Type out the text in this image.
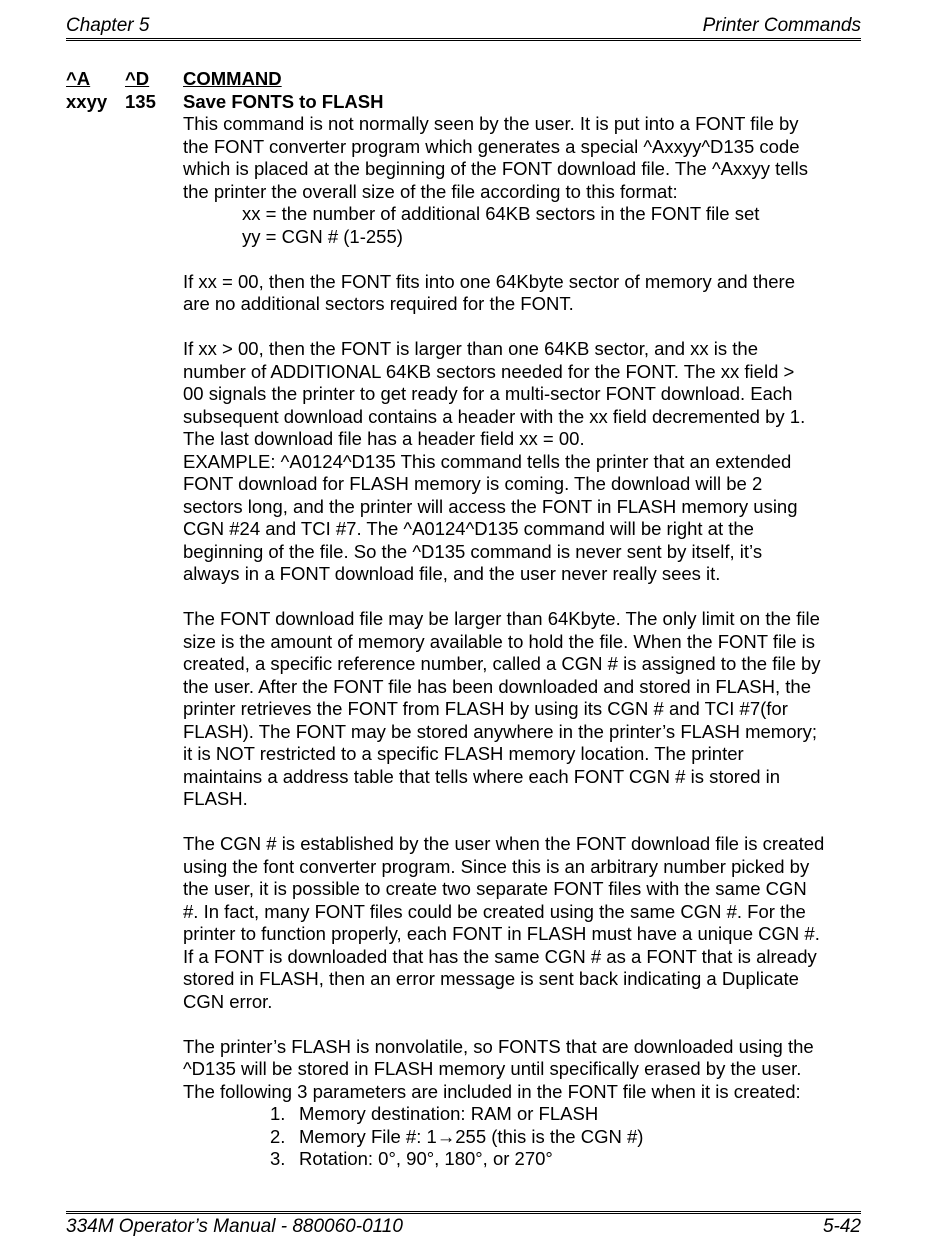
Chapter 5	Printer Commands
^A ^D COMMAND
xxyy 135 Save FONTS to FLASH

This command is not normally seen by the user. It is put into a FONT file by
the FONT converter program which generates a special ^Axxyy^D135 code
which is placed at the beginning of the FONT download file. The ^Axxyy tells
the printer the overall size of the file according to this format:

xx = the number of additional 64KB sectors in the FONT file set

yy = CGN # (1-255)

If xx = 00, then the FONT fits into one 64Kbyte sector of memory and there
are no additional sectors required for the FONT.

If xx > 00, then the FONT is larger than one 64KB sector, and xx is the
number of ADDITIONAL 64KB sectors needed for the FONT. The xx field >
00 signals the printer to get ready for a multi-sector FONT download. Each
subsequent download contains a header with the xx field decremented by 1.
The last download file has a header field xx = 00.

EXAMPLE: ^A0124^D135 This command tells the printer that an extended
FONT download for FLASH memory is coming. The download will be 2
sectors long, and the printer will access the FONT in FLASH memory using
CGN #24 and TCI #7. The ^A0124^D135 command will be right at the
beginning of the file. So the ^D135 command is never sent by itself, it’s
always in a FONT download file, and the user never really sees it.

The FONT download file may be larger than 64Kbyte. The only limit on the file
size is the amount of memory available to hold the file. When the FONT file is
created, a specific reference number, called a CGN # is assigned to the file by
the user. After the FONT file has been downloaded and stored in FLASH, the
printer retrieves the FONT from FLASH by using its CGN # and TCI #7(for
FLASH). The FONT may be stored anywhere in the printer’s FLASH memory;
it is NOT restricted to a specific FLASH memory location. The printer
maintains a address table that tells where each FONT CGN # is stored in
FLASH.

The CGN # is established by the user when the FONT download file is created
using the font converter program. Since this is an arbitrary number picked by
the user, it is possible to create two separate FONT files with the same CGN
#. In fact, many FONT files could be created using the same CGN #. For the
printer to function properly, each FONT in FLASH must have a unique CGN #.
If a FONT is downloaded that has the same CGN # as a FONT that is already
stored in FLASH, then an error message is sent back indicating a Duplicate
CGN error.

The printer’s FLASH is nonvolatile, so FONTS that are downloaded using the
^D135 will be stored in FLASH memory until specifically erased by the user.
The following 3 parameters are included in the FONT file when it is created:

1. Memory destination: RAM or FLASH
2. Memory File #: 1→255 (this is the CGN #)
3. Rotation: 0°, 90°, 180°, or 270°
334M Operator’s Manual - 880060-0110	5-42
